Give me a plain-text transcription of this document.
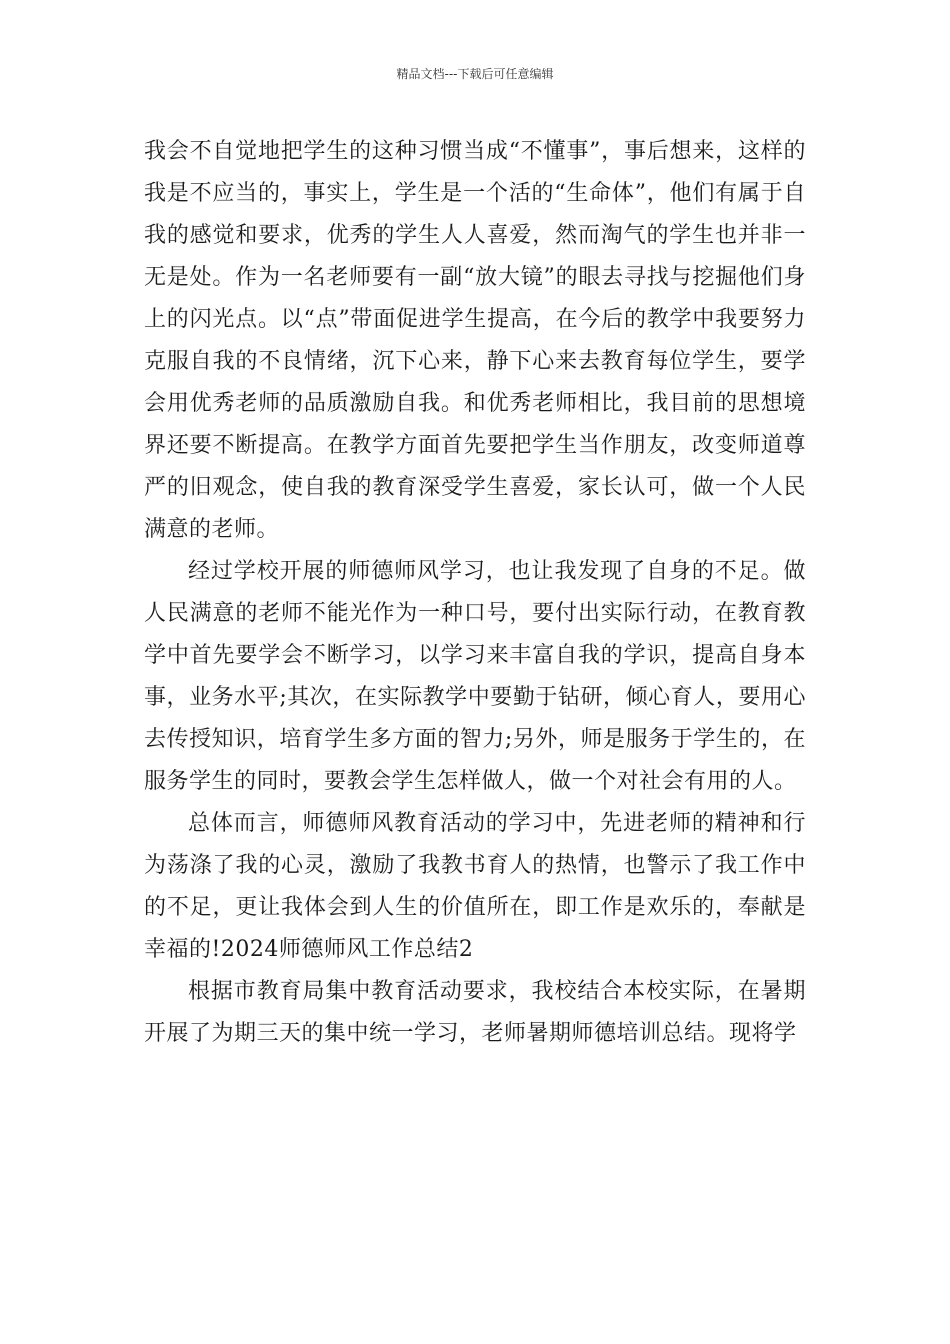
精品文档---下载后可任意编辑

我会不自觉地把学生的这种习惯当成“不懂事”，事后想来，这样的我是不应当的，事实上，学生是一个活的“生命体”，他们有属于自我的感觉和要求，优秀的学生人人喜爱，然而淘气的学生也并非一无是处。作为一名老师要有一副“放大镜”的眼去寻找与挖掘他们身上的闪光点。以“点”带面促进学生提高，在今后的教学中我要努力克服自我的不良情绪，沉下心来，静下心来去教育每位学生，要学会用优秀老师的品质激励自我。和优秀老师相比，我目前的思想境界还要不断提高。在教学方面首先要把学生当作朋友，改变师道尊严的旧观念，使自我的教育深受学生喜爱，家长认可，做一个人民满意的老师。

经过学校开展的师德师风学习，也让我发现了自身的不足。做人民满意的老师不能光作为一种口号，要付出实际行动，在教育教学中首先要学会不断学习，以学习来丰富自我的学识，提高自身本事，业务水平;其次，在实际教学中要勤于钻研，倾心育人，要用心去传授知识，培育学生多方面的智力;另外，师是服务于学生的，在服务学生的同时，要教会学生怎样做人，做一个对社会有用的人。

总体而言，师德师风教育活动的学习中，先进老师的精神和行为荡涤了我的心灵，激励了我教书育人的热情，也警示了我工作中的不足，更让我体会到人生的价值所在，即工作是欢乐的，奉献是幸福的!2024师德师风工作总结2

根据市教育局集中教育活动要求，我校结合本校实际，在暑期开展了为期三天的集中统一学习，老师暑期师德培训总结。现将学
